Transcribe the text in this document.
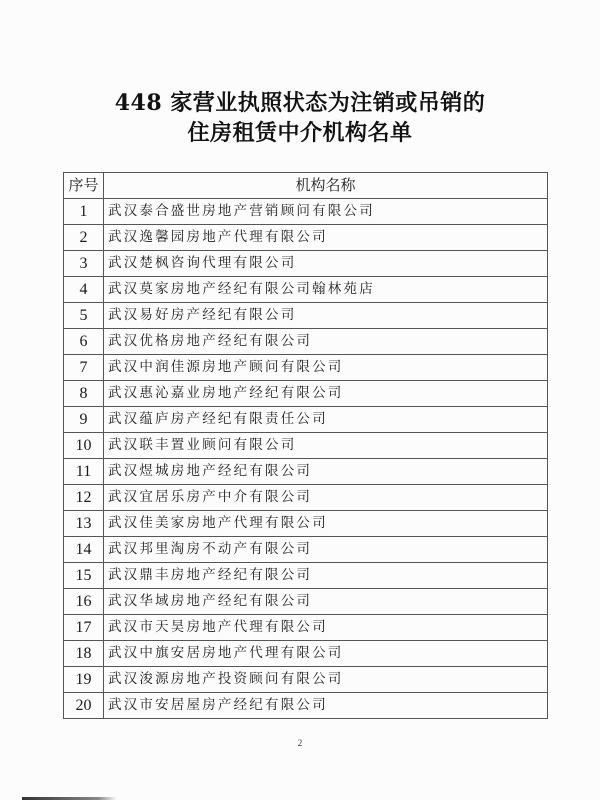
448 家营业执照状态为注销或吊销的
住房租赁中介机构名单
序号	机构名称
1	武汉泰合盛世房地产营销顾问有限公司
2	武汉逸馨园房地产代理有限公司
3	武汉楚枫咨询代理有限公司
4	武汉莫家房地产经纪有限公司翰林苑店
5	武汉易好房产经纪有限公司
6	武汉优格房地产经纪有限公司
7	武汉中润佳源房地产顾问有限公司
8	武汉惠沁嘉业房地产经纪有限公司
9	武汉蕴庐房产经纪有限责任公司
10	武汉联丰置业顾问有限公司
11	武汉煜城房地产经纪有限公司
12	武汉宜居乐房产中介有限公司
13	武汉佳美家房地产代理有限公司
14	武汉邦里淘房不动产有限公司
15	武汉鼎丰房地产经纪有限公司
16	武汉华域房地产经纪有限公司
17	武汉市天昊房地产代理有限公司
18	武汉中旗安居房地产代理有限公司
19	武汉浚源房地产投资顾问有限公司
20	武汉市安居屋房产经纪有限公司
2
